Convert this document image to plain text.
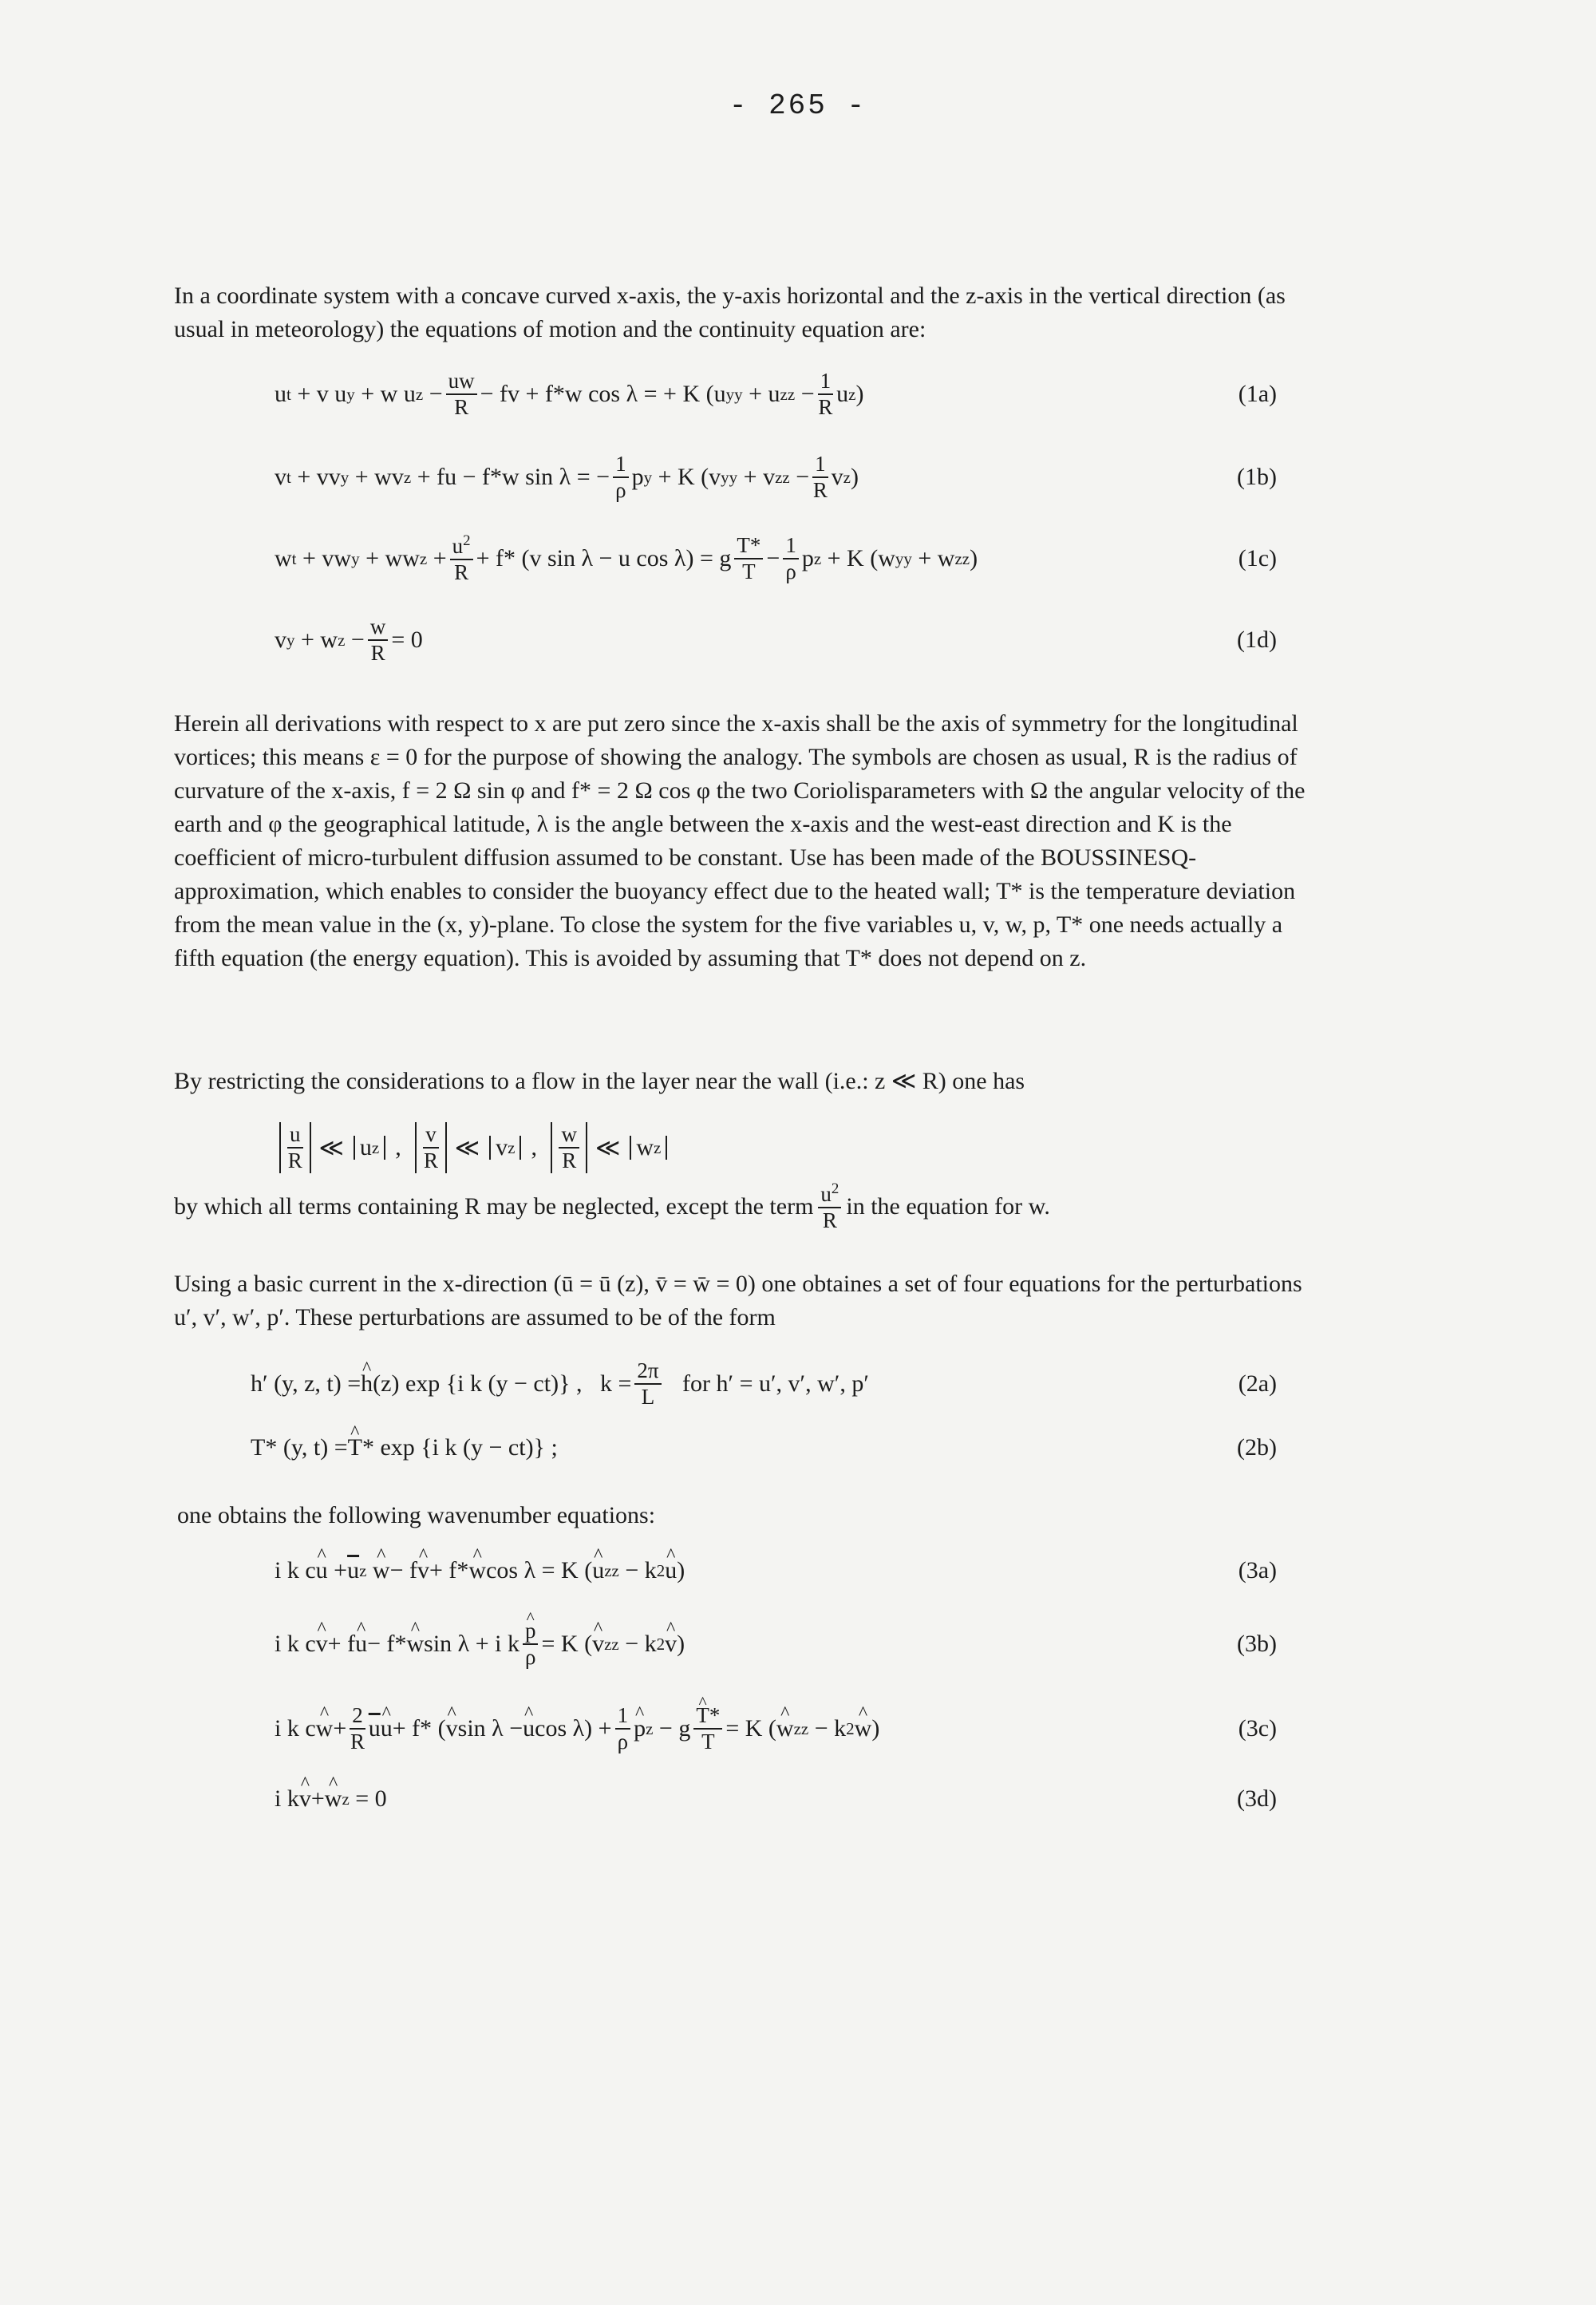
- 265 -

In a coordinate system with a concave curved x-axis, the y-axis horizontal and the z-axis in the vertical direction (as usual in meteorology) the equations of motion and the continuity equation are:

u t + v u y + w u $z - \frac{uw}{R}$ − fv + f*w cos λ = + K (u yy + u zz − $\frac{1}{R}$ u z )	(1a)
v t + vv y + wv z + fu − f*w sin λ = − $\frac{1}{\rho}$ p y + K (v yy + v zz − $\frac{1}{R}$ v z )	(1b)
w t + vw y + ww $z + \frac{u^2}{R} + f*$ (v sin λ − u cos λ) = g $\frac{T*}{T} - \frac{1}{\rho}$ p z + K (w yy + w zz )	(1c)
v y + w $z - \frac{w}{R} = 0$	(1d)

Herein all derivations with respect to x are put zero since the x-axis shall be the axis of symmetry for the longitudinal vortices; this means ε = 0 for the purpose of showing the analogy. The symbols are chosen as usual, R is the radius of curvature of the x-axis, f = 2 Ω sin φ and f* = 2 Ω cos φ the two Coriolisparameters with Ω the angular velocity of the earth and φ the geographical latitude, λ is the angle between the x-axis and the west-east direction and K is the coefficient of micro-turbulent diffusion assumed to be constant. Use has been made of the BOUSSINESQ-approximation, which enables to consider the buoyancy effect due to the heated wall; T* is the temperature deviation from the mean value in the (x, y)-plane. To close the system for the five variables u, v, w, p, T* one needs actually a fifth equation (the energy equation). This is avoided by assuming that T* does not depend on z.

By restricting the considerations to a flow in the layer near the wall (i.e.: z ≪ R) one has

$\frac{u}{R}$ ≪ u z , $\frac{v}{R}$ ≪ v z , $\frac{w}{R}$ ≪ w z
by which all terms containing R may be neglected, except the term $\frac{u^2}{R}$ in the equation for w.

Using a basic current in the x-direction (ū = ū (z), v̄ = w̄ = 0) one obtaines a set of four equations for the perturbations u′, v′, w′, p′. These perturbations are assumed to be of the form

h′ (y, z, t) = ^ h (z) exp {i k (y − ct)} ,   $k = \frac{2\pi}{L}$ for h′ = u′, v′, w′, p′	(2a)
T* (y, t) = ^ T * exp {i k (y − ct)} ;	(2b)

one obtains the following wavenumber equations:

i k c ^ $u + \overline{u}$ z
^ w − f ^ v + f* ^ w cos λ = K ( ^ u zz − k 2 ^ u )	(3a)
i k c ^ v + f ^ u − f* ^ w sin λ + i k ^ $\frac{p}{\rho} = K$ ( ^ v zz − k 2 ^ v )	(3b)
i k c ^ $w + \frac{2}{R} \overline{u}$ ^ u + f* ( ^ v sin λ − ^ u $\cos \lambda) + \frac{1}{\rho}$ ^ p z − g ^ $\frac{T*}{T} = K$ ( ^ w zz − k 2 ^ w )	(3c)
i k ^ v + ^ w z = 0	(3d)
